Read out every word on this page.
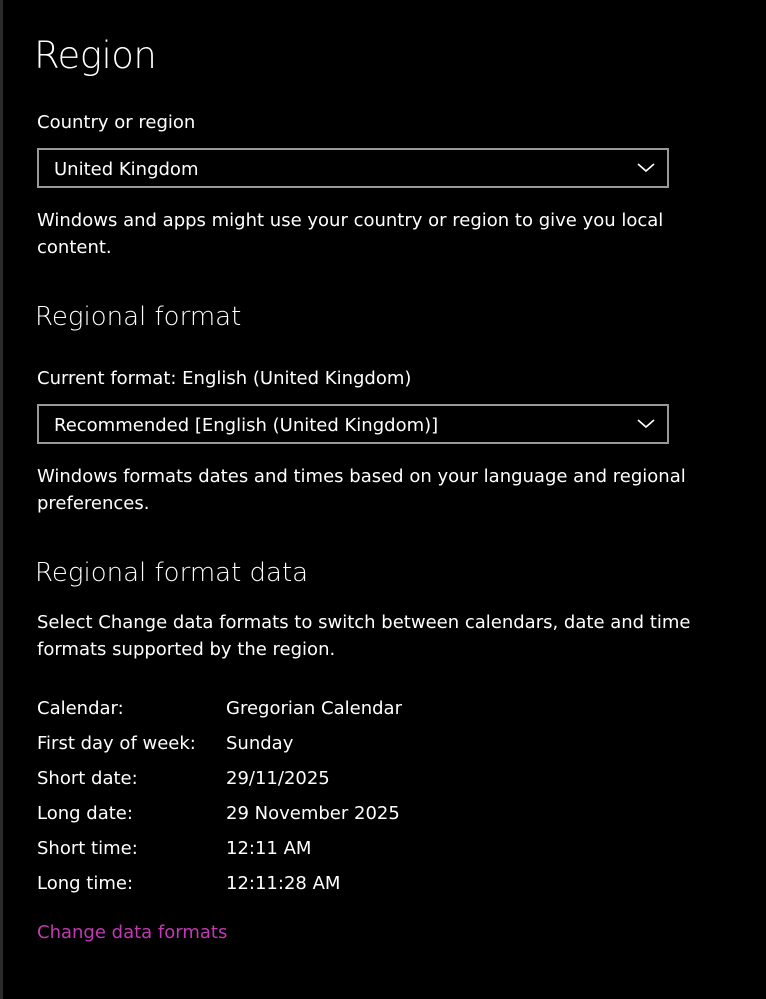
Region
Country or region
United Kingdom
Windows and apps might use your country or region to give you local content.
Regional format
Current format: English (United Kingdom)
Recommended [English (United Kingdom)]
Windows formats dates and times based on your language and regional preferences.
Regional format data
Select Change data formats to switch between calendars, date and time formats supported by the region.
Calendar:	Gregorian Calendar
First day of week: Sunday
Short date:	29/11/2025
Long date:	29 November 2025
Short time:	12:11 AM
Long time:	12:11:28 AM
Change data formats
